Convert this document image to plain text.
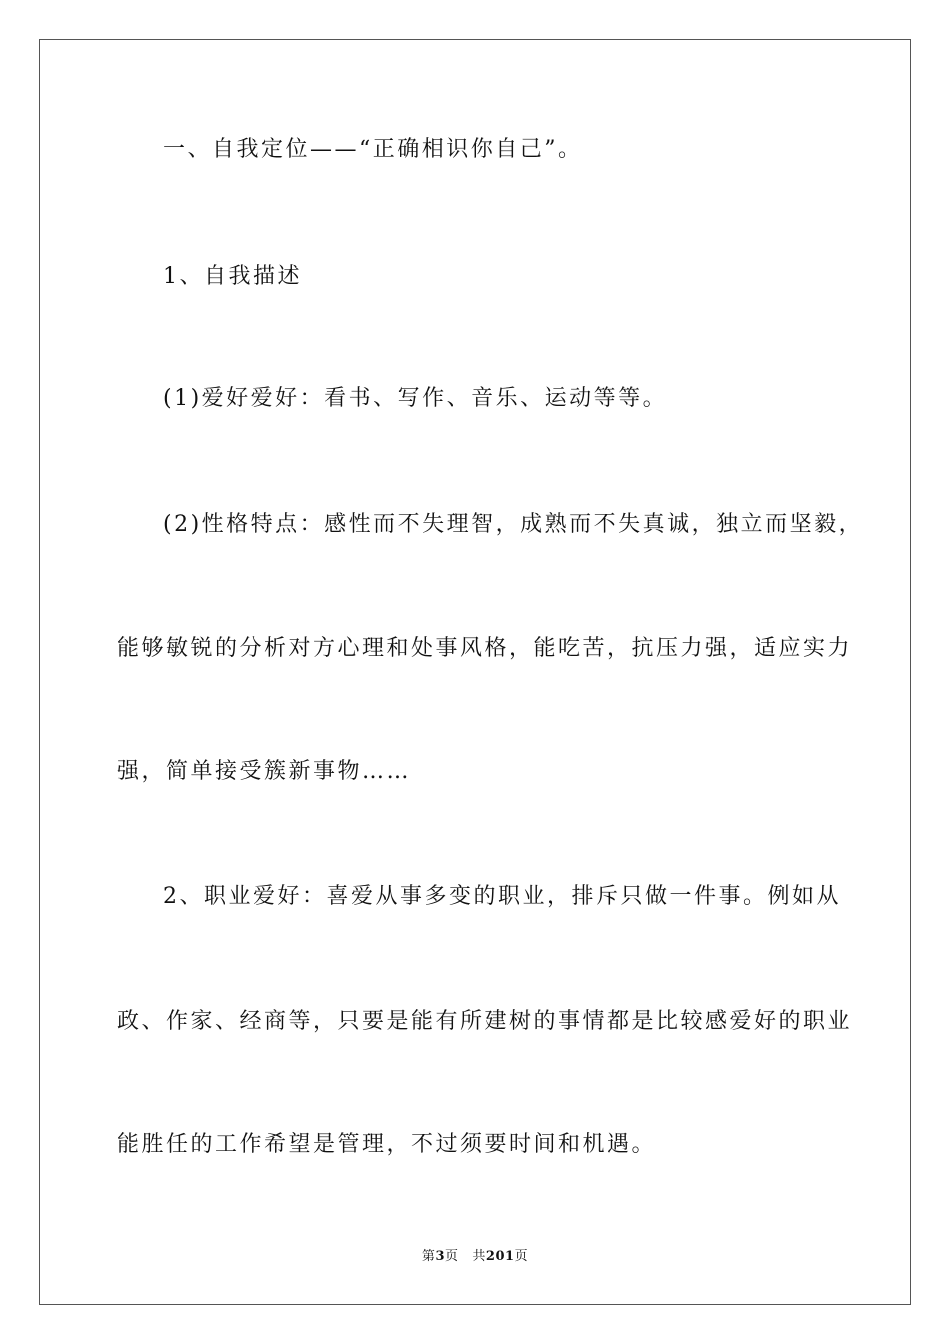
一、自我定位——“正确相识你自己”。
1、自我描述
(1)爱好爱好：看书、写作、音乐、运动等等。
(2)性格特点：感性而不失理智，成熟而不失真诚，独立而坚毅，
能够敏锐的分析对方心理和处事风格，能吃苦，抗压力强，适应实力
强，简单接受簇新事物……
2、职业爱好：喜爱从事多变的职业，排斥只做一件事。例如从
政、作家、经商等，只要是能有所建树的事情都是比较感爱好的职业
能胜任的工作希望是管理，不过须要时间和机遇。
第3页 共201页
